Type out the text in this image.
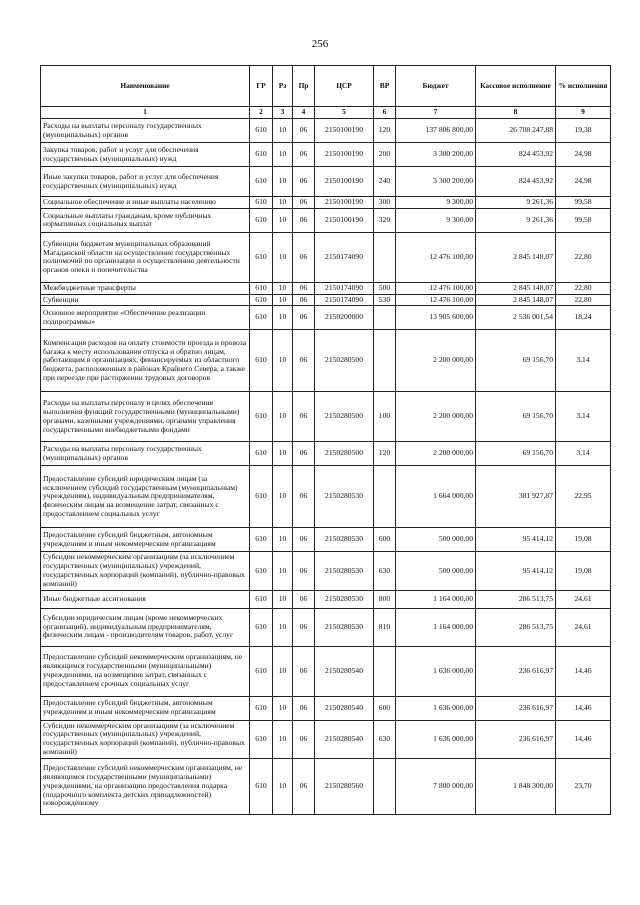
256
Наименование	ГР	Рз	Пр	ЦСР	ВР	Бюджет	Кассовое исполнение	% исполнения
1	2	3	4	5	6	7	8	9
Расходы на выплаты персоналу государственных (муниципальных) органов	610	10	06	2150100190	120	137 806 800,00	26 708 247,88	19,38
Закупка товаров, работ и услуг для обеспечения государственных (муниципальных) нужд	610	10	06	2150100190	200	3 300 200,00	824 453,92	24,98
Иные закупки товаров, работ и услуг для обеспечения государственных (муниципальных) нужд	610	10	06	2150100190	240	3 300 200,00	824 453,92	24,98
Социальное обеспечение и иные выплаты населению	610	10	06	2150100190	300	9 300,00	9 261,36	99,58
Социальные выплаты гражданам, кроме публичных нормативных социальных выплат	610	10	06	2150100190	320	9 300,00	9 261,36	99,58
Субвенции бюджетам муниципальных образований Магаданской области на осуществление государственных полномочий по организации и осуществлению деятельности органов опеки и попечительства	610	10	06	2150174090		12 476 100,00	2 845 148,07	22,80
Межбюджетные трансферты	610	10	06	2150174090	500	12 476 100,00	2 845 148,07	22,80
Субвенции	610	10	06	2150174090	530	12 476 100,00	2 845 148,07	22,80
Основное мероприятие «Обеспечение реализации подпрограммы»	610	10	06	2150200000		13 905 600,00	2 536 001,54	18,24
Компенсация расходов на оплату стоимости проезда и провоза багажа к месту использования отпуска и обратно лицам, работающим в организациях, финансируемых из областного бюджета, расположенных в районах Крайнего Севера, а также при переезде при расторжении трудовых договоров	610	10	06	2150280500		2 200 000,00	69 156,70	3,14
Расходы на выплаты персоналу в целях обеспечения выполнения функций государственными (муниципальными) органами, казенными учреждениями, органами управления государственными внебюджетными фондами	610	10	06	2150280500	100	2 200 000,00	69 156,70	3,14
Расходы на выплаты персоналу государственных (муниципальных) органов	610	10	06	2150280500	120	2 200 000,00	69 156,70	3,14
Предоставление субсидий юридическим лицам (за исключением субсидий государственным (муниципальным) учреждениям), индивидуальным предпринимателям, физическим лицам на возмещение затрат, связанных с предоставлением социальных услуг	610	10	06	2150280530		1 664 000,00	381 927,87	22,95
Предоставление субсидий бюджетным, автономным учреждениям и иным некоммерческим организациям	610	10	06	2150280530	600	500 000,00	95 414,12	19,08
Субсидии некоммерческим организациям (за исключением государственных (муниципальных) учреждений, государственных корпораций (компаний), публично-правовых компаний)	610	10	06	2150280530	630	500 000,00	95 414,12	19,08
Иные бюджетные ассигнования	610	10	06	2150280530	800	1 164 000,00	286 513,75	24,61
Субсидии юридическим лицам (кроме некоммерческих организаций), индивидуальным предпринимателям, физическим лицам - производителям товаров, работ, услуг	610	10	06	2150280530	810	1 164 000,00	286 513,75	24,61
Предоставление субсидий некоммерческим организациям, не являющимся государственными (муниципальными) учреждениями, на возмещение затрат, связанных с предоставлением срочных социальных услуг	610	10	06	2150280540		1 636 000,00	236 616,97	14,46
Предоставление субсидий бюджетным, автономным учреждениям и иным некоммерческим организациям	610	10	06	2150280540	600	1 636 000,00	236 616,97	14,46
Субсидии некоммерческим организациям (за исключением государственных (муниципальных) учреждений, государственных корпораций (компаний), публично-правовых компаний)	610	10	06	2150280540	630	1 636 000,00	236 616,97	14,46
Предоставление субсидий некоммерческим организациям, не являющимся государственными (муниципальными) учреждениями, на организацию предоставления подарка (подарочного комплекта детских принадлежностей) новорожденному	610	10	06	2150280560		7 800 000,00	1 848 300,00	23,70
